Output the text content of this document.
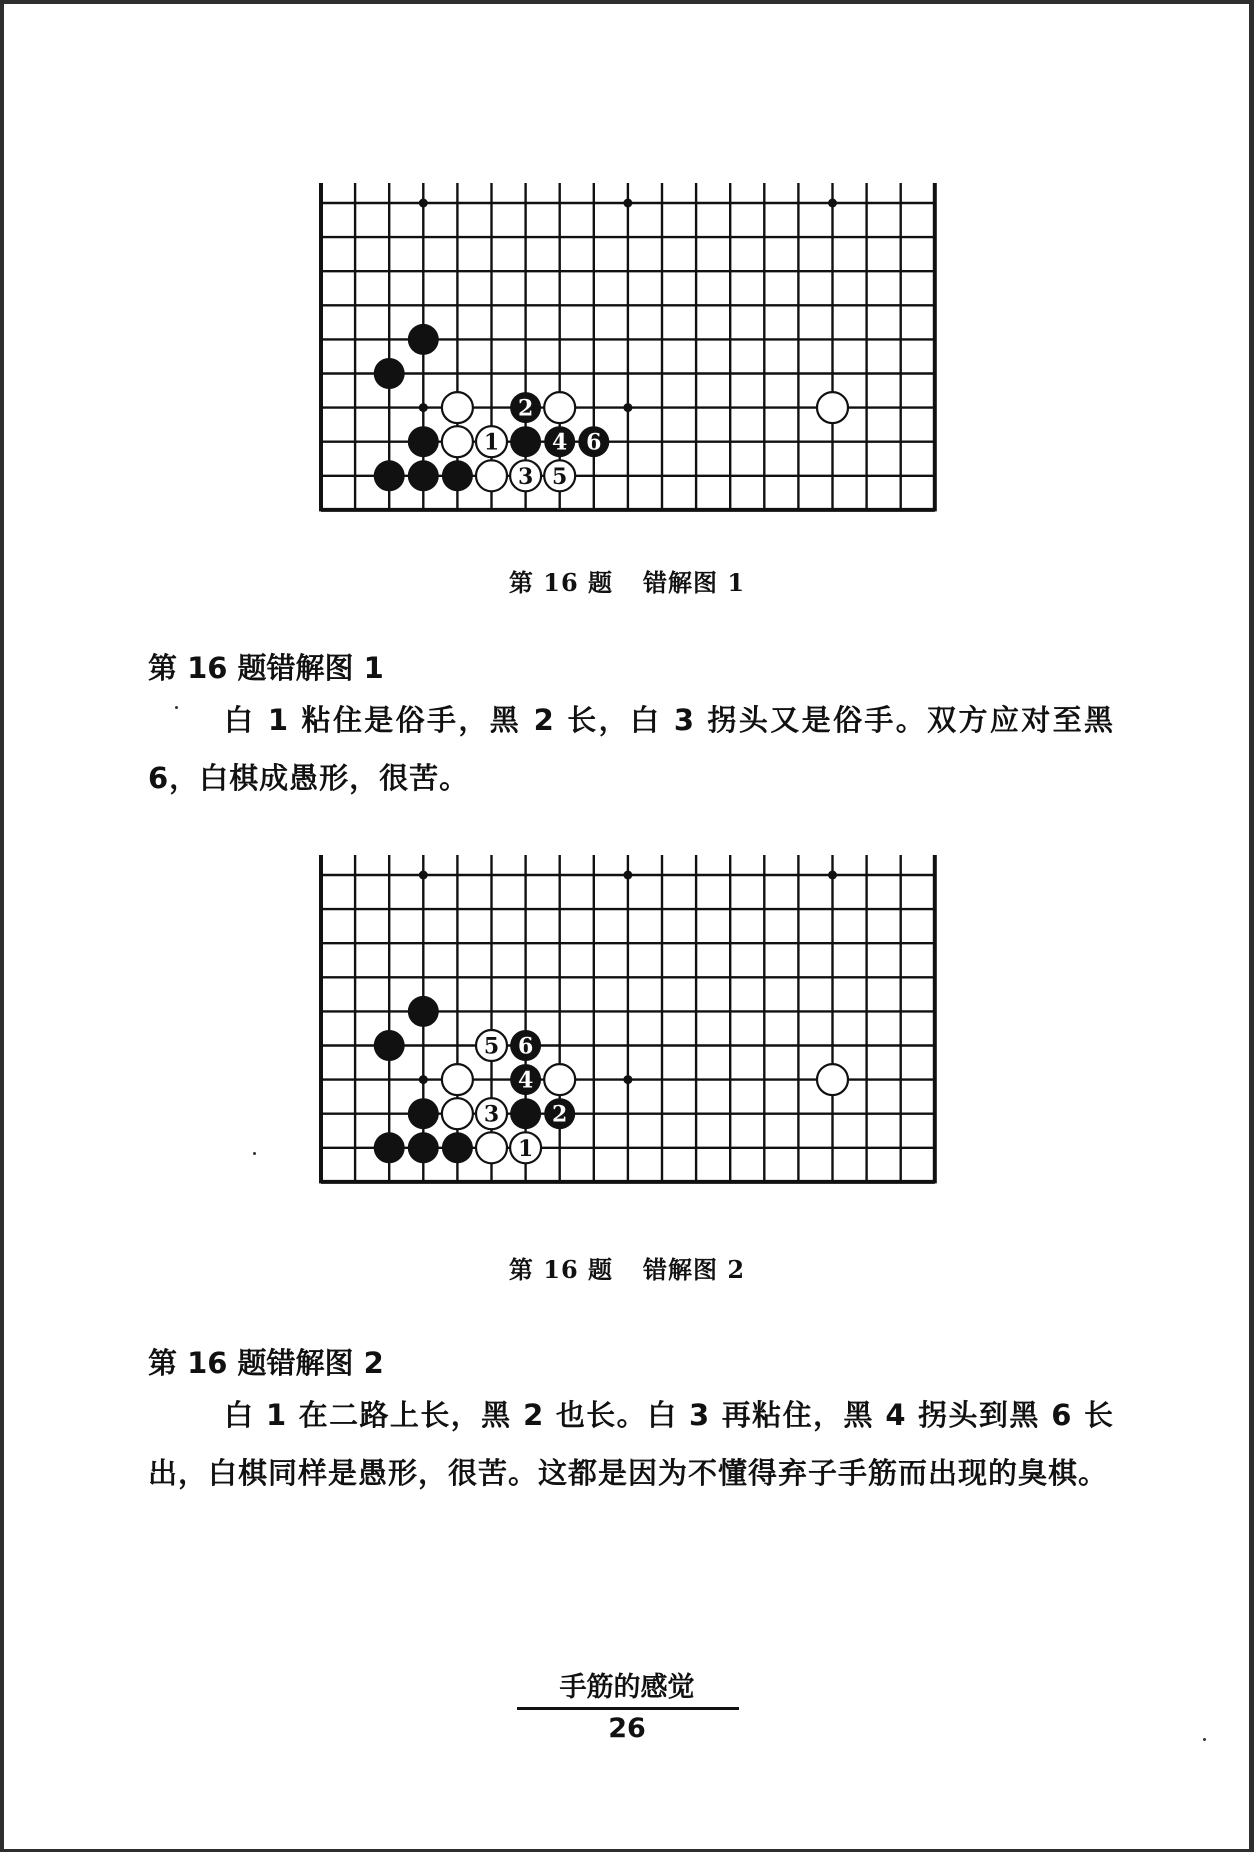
2
1 4 6
3 5
第 16 题 错解图 1
第 16 题错解图 1
白 1 粘住是俗手，黑 2 长，白 3 拐头又是俗手。双方应对至黑 6，白棋成愚形，很苦。
5 6
4
3 2
1
第 16 题 错解图 2
第 16 题错解图 2
白 1 在二路上长，黑 2 也长。白 3 再粘住，黑 4 拐头到黑 6 长出，白棋同样是愚形，很苦。这都是因为不懂得弃子手筋而出现的臭棋。
手筋的感觉
26
